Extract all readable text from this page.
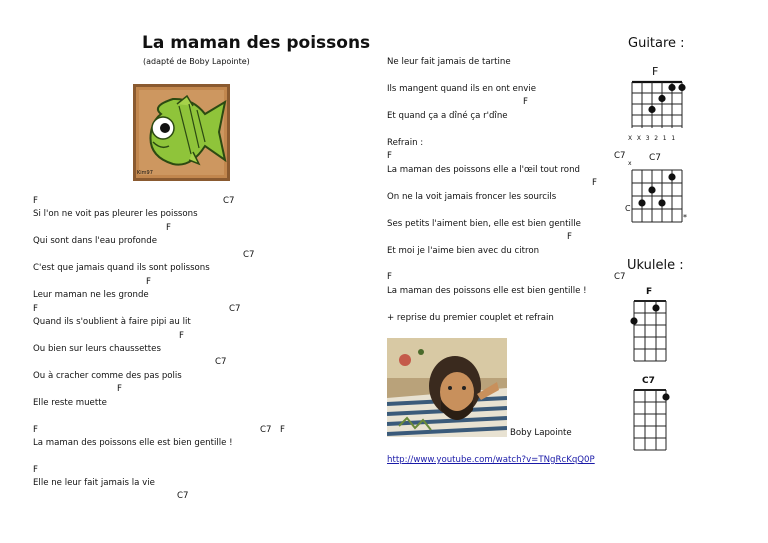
La maman des poissons
(adapté de Boby Lapointe)
Kim97
F	C7
Si l'on ne voit pas pleurer les poissons
F
Qui sont dans l'eau profonde
C7
C'est que jamais quand ils sont polissons
F
Leur maman ne les gronde
F	C7
Quand ils s'oublient à faire pipi au lit
F
Ou bien sur leurs chaussettes
C7
Ou à cracher comme des pas polis
F
Elle reste muette
F	C7 F
La maman des poissons elle est bien gentille !
F
Elle ne leur fait jamais la vie
C7
Ne leur fait jamais de tartine
Ils mangent quand ils en ont envie
F
Et quand ça a dîné ça r'dîne
Refrain :
F	C7
La maman des poissons elle a l'œil tout rond
F
On ne la voit jamais froncer les sourcils
Ses petits l'aiment bien, elle est bien gentille
F
Et moi je l'aime bien avec du citron
F	C7
La maman des poissons elle est bien gentille !
+ reprise du premier couplet et refrain
Boby Lapointe
http://www.youtube.com/watch?v=TNgRcKqQ0P
Guitare :
F
X X 3 2 1 1
C7
x
C
*
Ukulele :
F
C7
